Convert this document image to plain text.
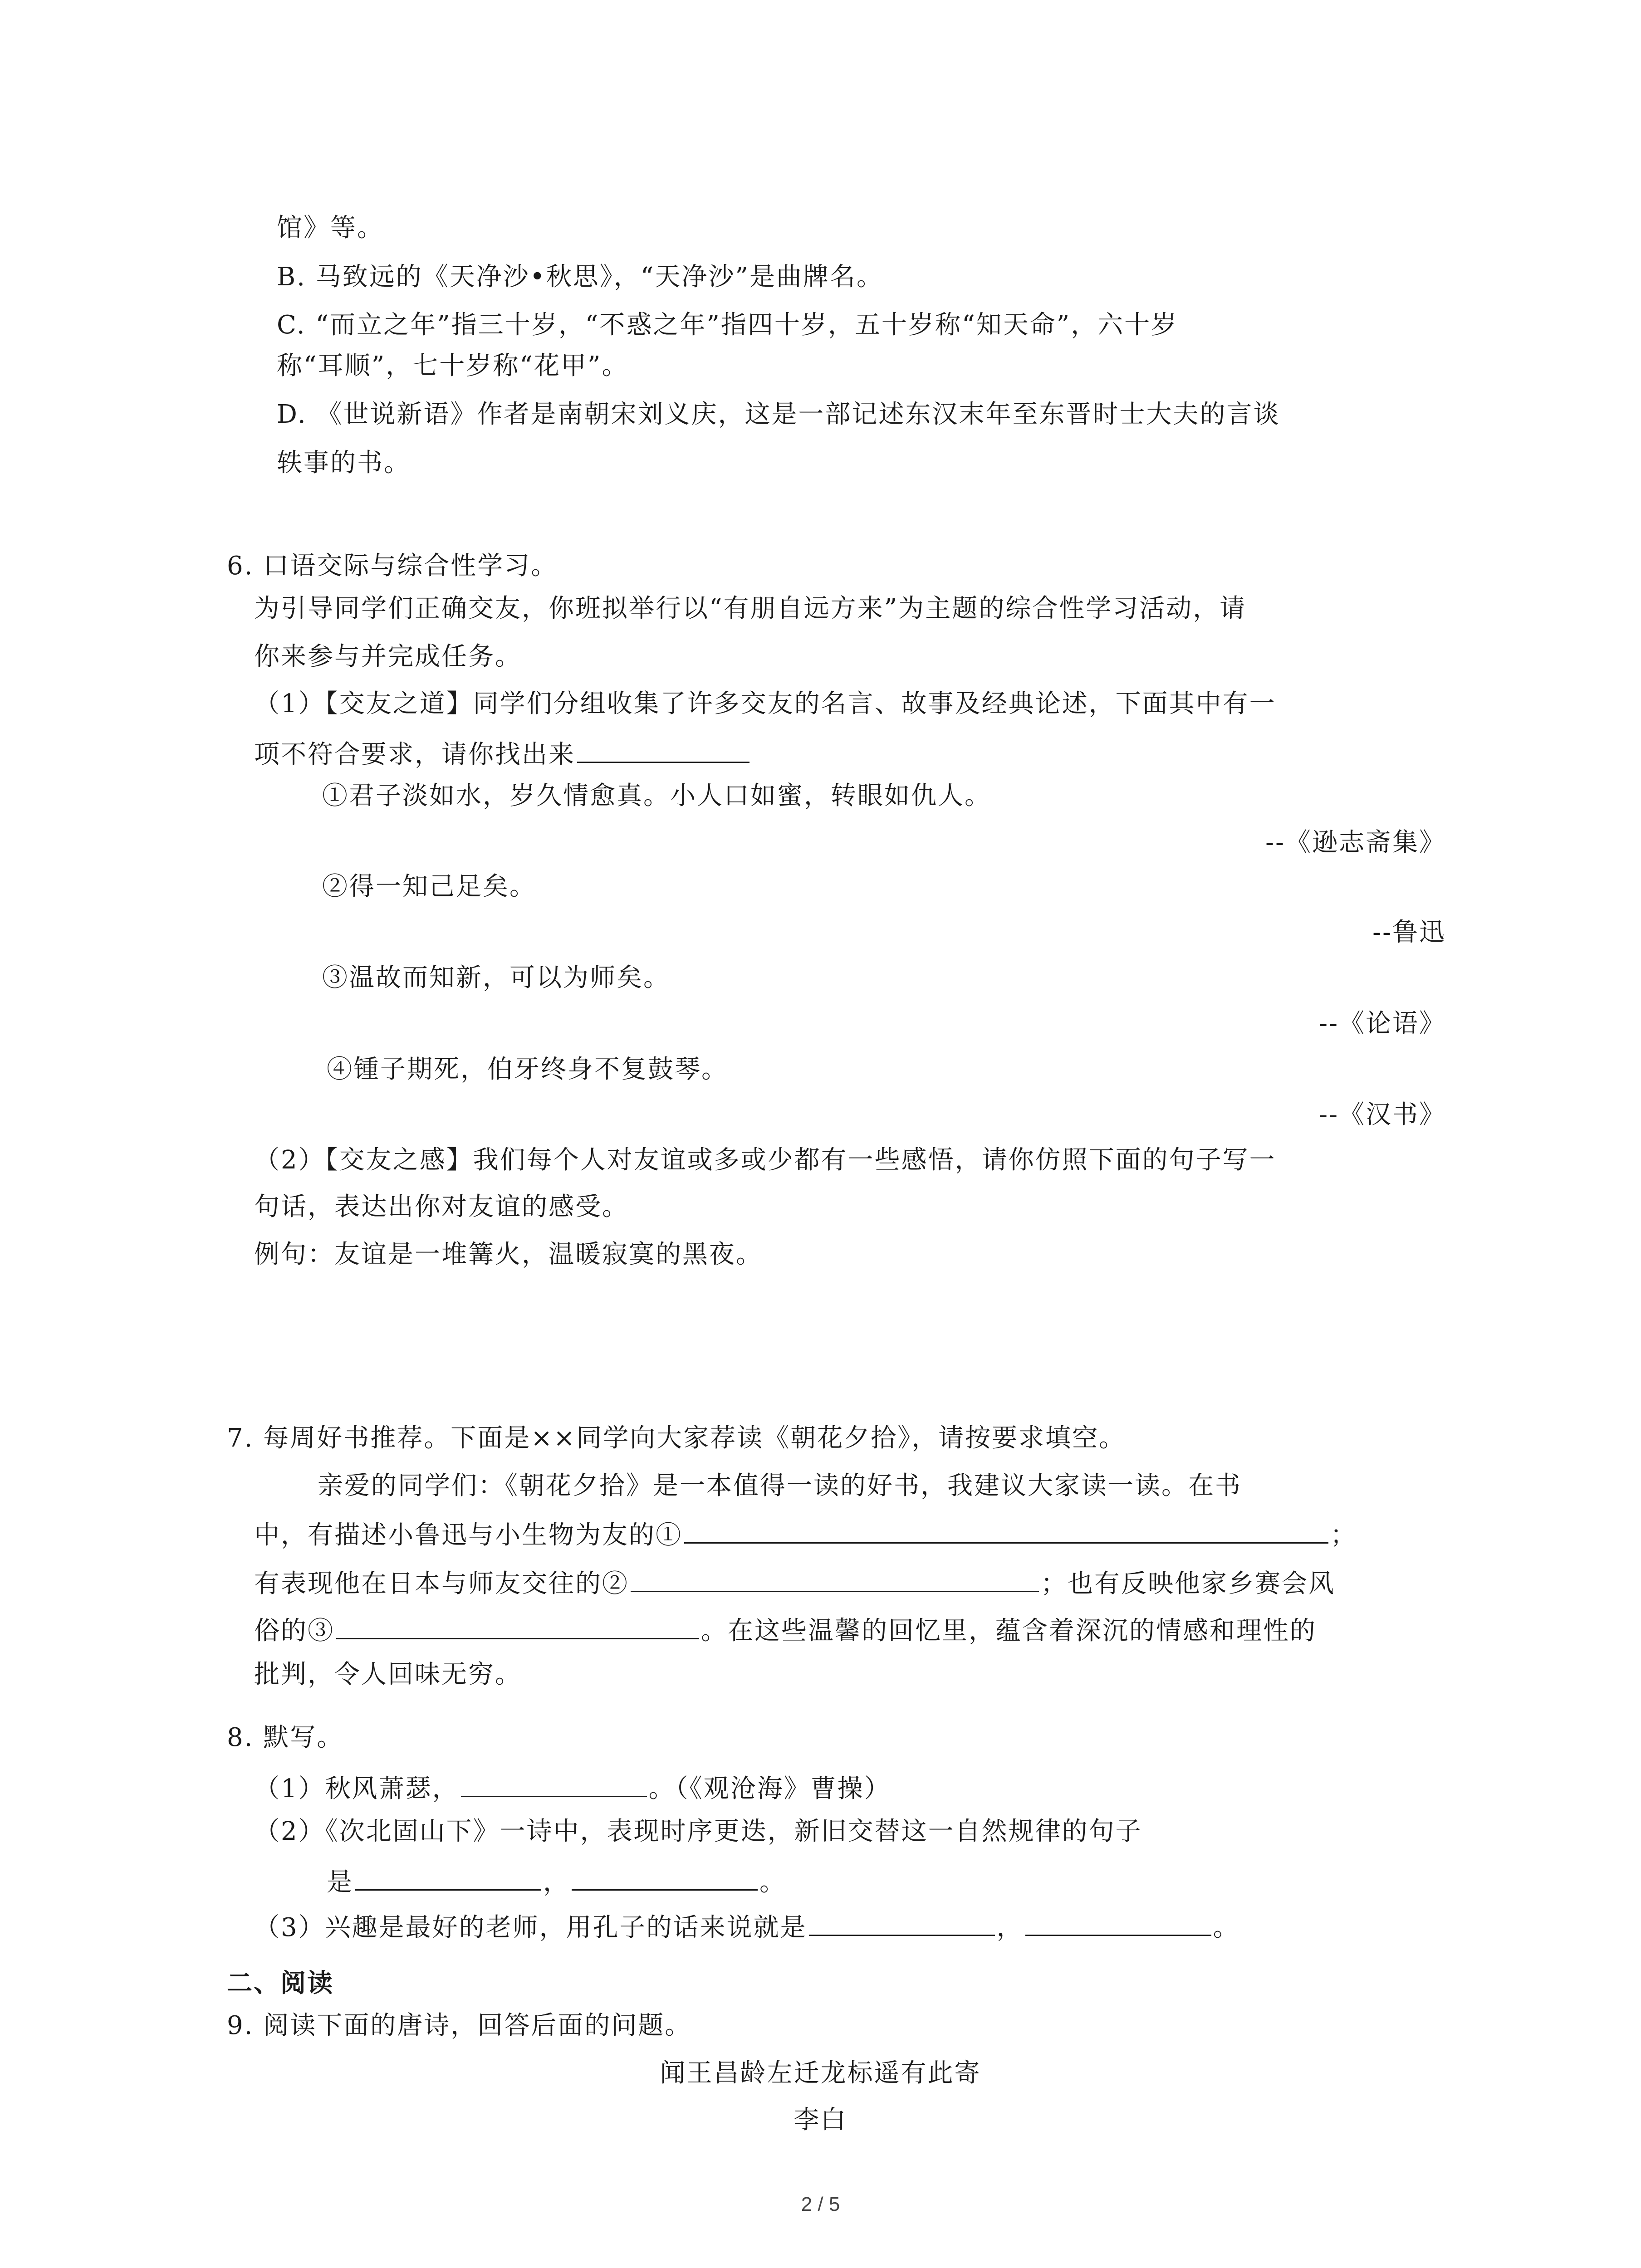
馆》等。
B. 马致远的《天净沙•秋思》，“天净沙”是曲牌名。
C. “而立之年”指三十岁，“不惑之年”指四十岁，五十岁称“知天命”，六十岁
称“耳顺”，七十岁称“花甲”。
D. 《世说新语》作者是南朝宋刘义庆，这是一部记述东汉末年至东晋时士大夫的言谈
轶事的书。
6. 口语交际与综合性学习。
为引导同学们正确交友，你班拟举行以“有朋自远方来”为主题的综合性学习活动，请
你来参与并完成任务。
（1）【交友之道】同学们分组收集了许多交友的名言、故事及经典论述，下面其中有一
项不符合要求，请你找出来
①君子淡如水，岁久情愈真。小人口如蜜，转眼如仇人。
--《逊志斋集》
②得一知己足矣。
--鲁迅
③温故而知新，可以为师矣。
--《论语》
④锺子期死，伯牙终身不复鼓琴。
--《汉书》
（2）【交友之感】我们每个人对友谊或多或少都有一些感悟，请你仿照下面的句子写一
句话，表达出你对友谊的感受。
例句：友谊是一堆篝火，温暖寂寞的黑夜。
7. 每周好书推荐。下面是××同学向大家荐读《朝花夕拾》，请按要求填空。
亲爱的同学们：《朝花夕拾》是一本值得一读的好书，我建议大家读一读。在书
中，有描述小鲁迅与小生物为友的①	；
有表现他在日本与师友交往的②	；也有反映他家乡赛会风
俗的③	。在这些温馨的回忆里，蕴含着深沉的情感和理性的
批判，令人回味无穷。
8. 默写。
（1）秋风萧瑟，	。（《观沧海》曹操）
（2）《次北固山下》一诗中，表现时序更迭，新旧交替这一自然规律的句子
是	，	。
（3）兴趣是最好的老师，用孔子的话来说就是	，	。
二、阅读
9. 阅读下面的唐诗，回答后面的问题。
闻王昌龄左迁龙标遥有此寄
李白
2 / 5
